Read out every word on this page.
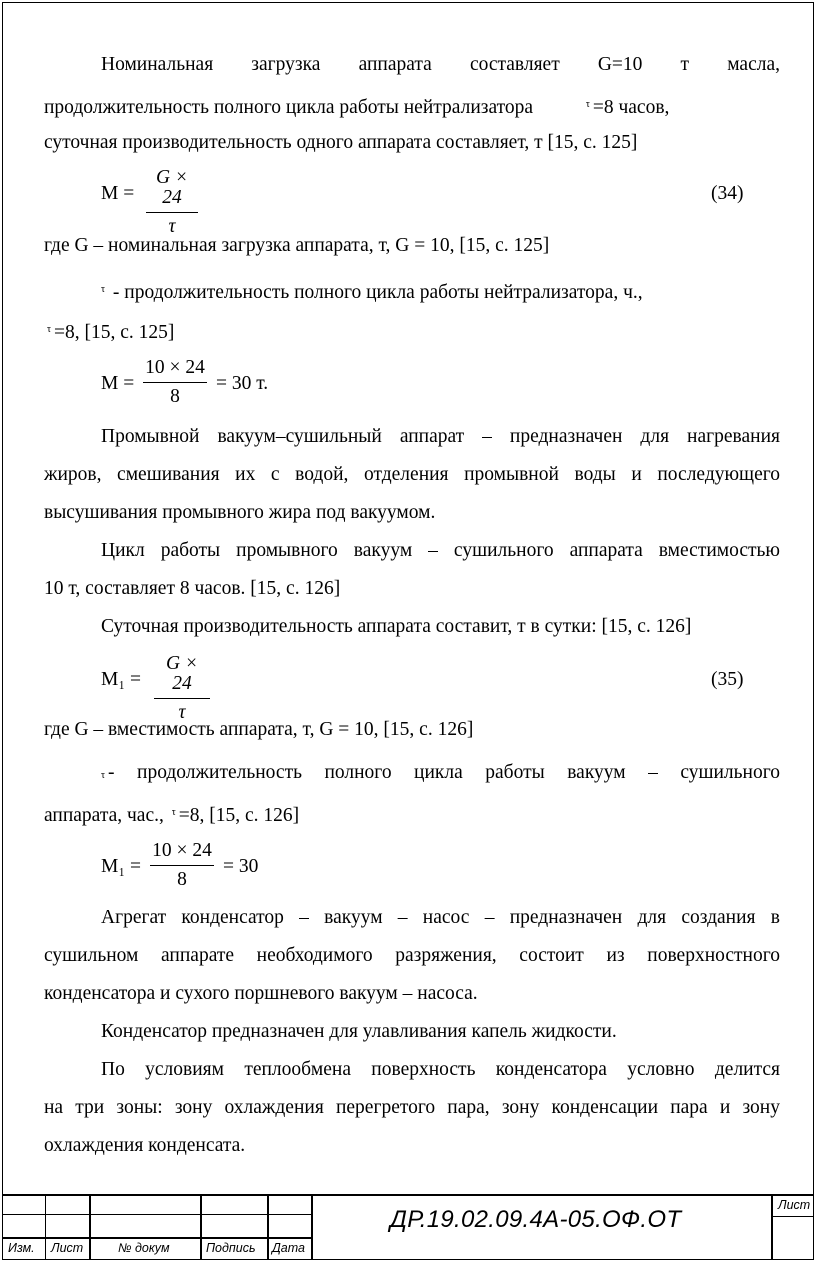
Номинальная загрузка аппарата составляет G=10 т масла,
продолжительность полного цикла работы нейтрализатора	τ =8 часов,
суточная производительность одного аппарата составляет, т [15, с. 125]
М =
G × 24
τ
(34)
где G – номинальная загрузка аппарата, т, G = 10, [15, с. 125]
τ - продолжительность полного цикла работы нейтрализатора, ч.,
τ =8, [15, с. 125]
М =
10 × 24
8
= 30 т.
Промывной вакуум–сушильный аппарат – предназначен для нагревания
жиров, смешивания их с водой, отделения промывной воды и последующего
высушивания промывного жира под вакуумом.
Цикл работы промывного вакуум – сушильного аппарата вместимостью
10 т, составляет 8 часов. [15, с. 126]
Суточная производительность аппарата составит, т в сутки: [15, с. 126]
М₁ =
G × 24
τ
(35)
где G – вместимость аппарата, т, G = 10, [15, с. 126]
τ - продолжительность полного цикла работы вакуум – сушильного
аппарата, час., τ =8, [15, с. 126]
М₁ =
10 × 24
8
= 30
Агрегат конденсатор – вакуум – насос – предназначен для создания в
сушильном аппарате необходимого разряжения, состоит из поверхностного
конденсатора и сухого поршневого вакуум – насоса.
Конденсатор предназначен для улавливания капель жидкости.
По условиям теплообмена поверхность конденсатора условно делится
на три зоны: зону охлаждения перегретого пара, зону конденсации пара и зону
охлаждения конденсата.
Изм. Лист	№ докум	Подпись Дата
ДР.19.02.09.4А-05.ОФ.ОТ
Лист
